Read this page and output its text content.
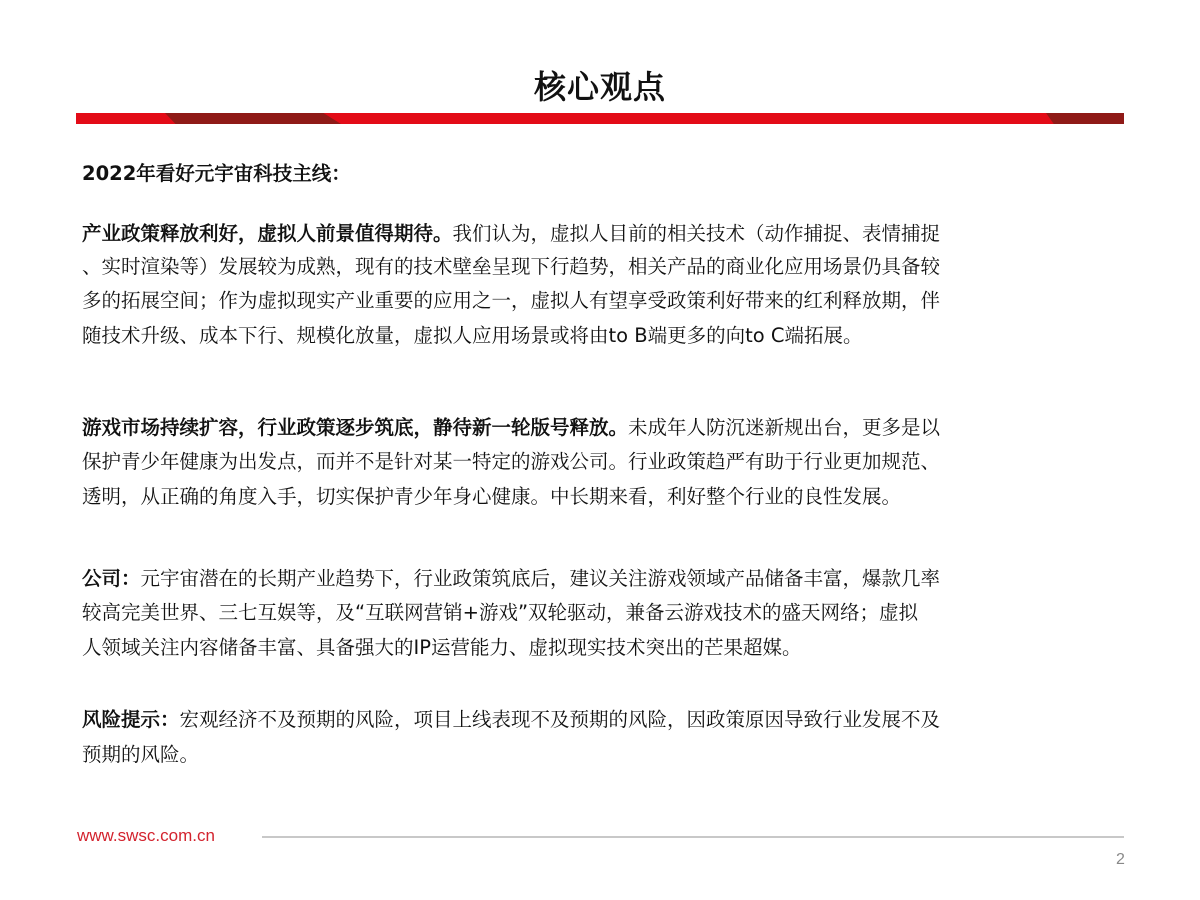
核心观点
2022年看好元宇宙科技主线：
产业政策释放利好，虚拟人前景值得期待。我们认为，虚拟人目前的相关技术（动作捕捉、表情捕捉
、实时渲染等）发展较为成熟，现有的技术壁垒呈现下行趋势，相关产品的商业化应用场景仍具备较
多的拓展空间；作为虚拟现实产业重要的应用之一，虚拟人有望享受政策利好带来的红利释放期，伴
随技术升级、成本下行、规模化放量，虚拟人应用场景或将由to B端更多的向to C端拓展。
游戏市场持续扩容，行业政策逐步筑底，静待新一轮版号释放。未成年人防沉迷新规出台，更多是以
保护青少年健康为出发点，而并不是针对某一特定的游戏公司。行业政策趋严有助于行业更加规范、
透明，从正确的角度入手，切实保护青少年身心健康。中长期来看，利好整个行业的良性发展。
公司：元宇宙潜在的长期产业趋势下，行业政策筑底后，建议关注游戏领域产品储备丰富，爆款几率
较高完美世界、三七互娱等，及“互联网营销+游戏”双轮驱动，兼备云游戏技术的盛天网络；虚拟
人领域关注内容储备丰富、具备强大的IP运营能力、虚拟现实技术突出的芒果超媒。
风险提示：宏观经济不及预期的风险，项目上线表现不及预期的风险，因政策原因导致行业发展不及
预期的风险。
www.swsc.com.cn
2
